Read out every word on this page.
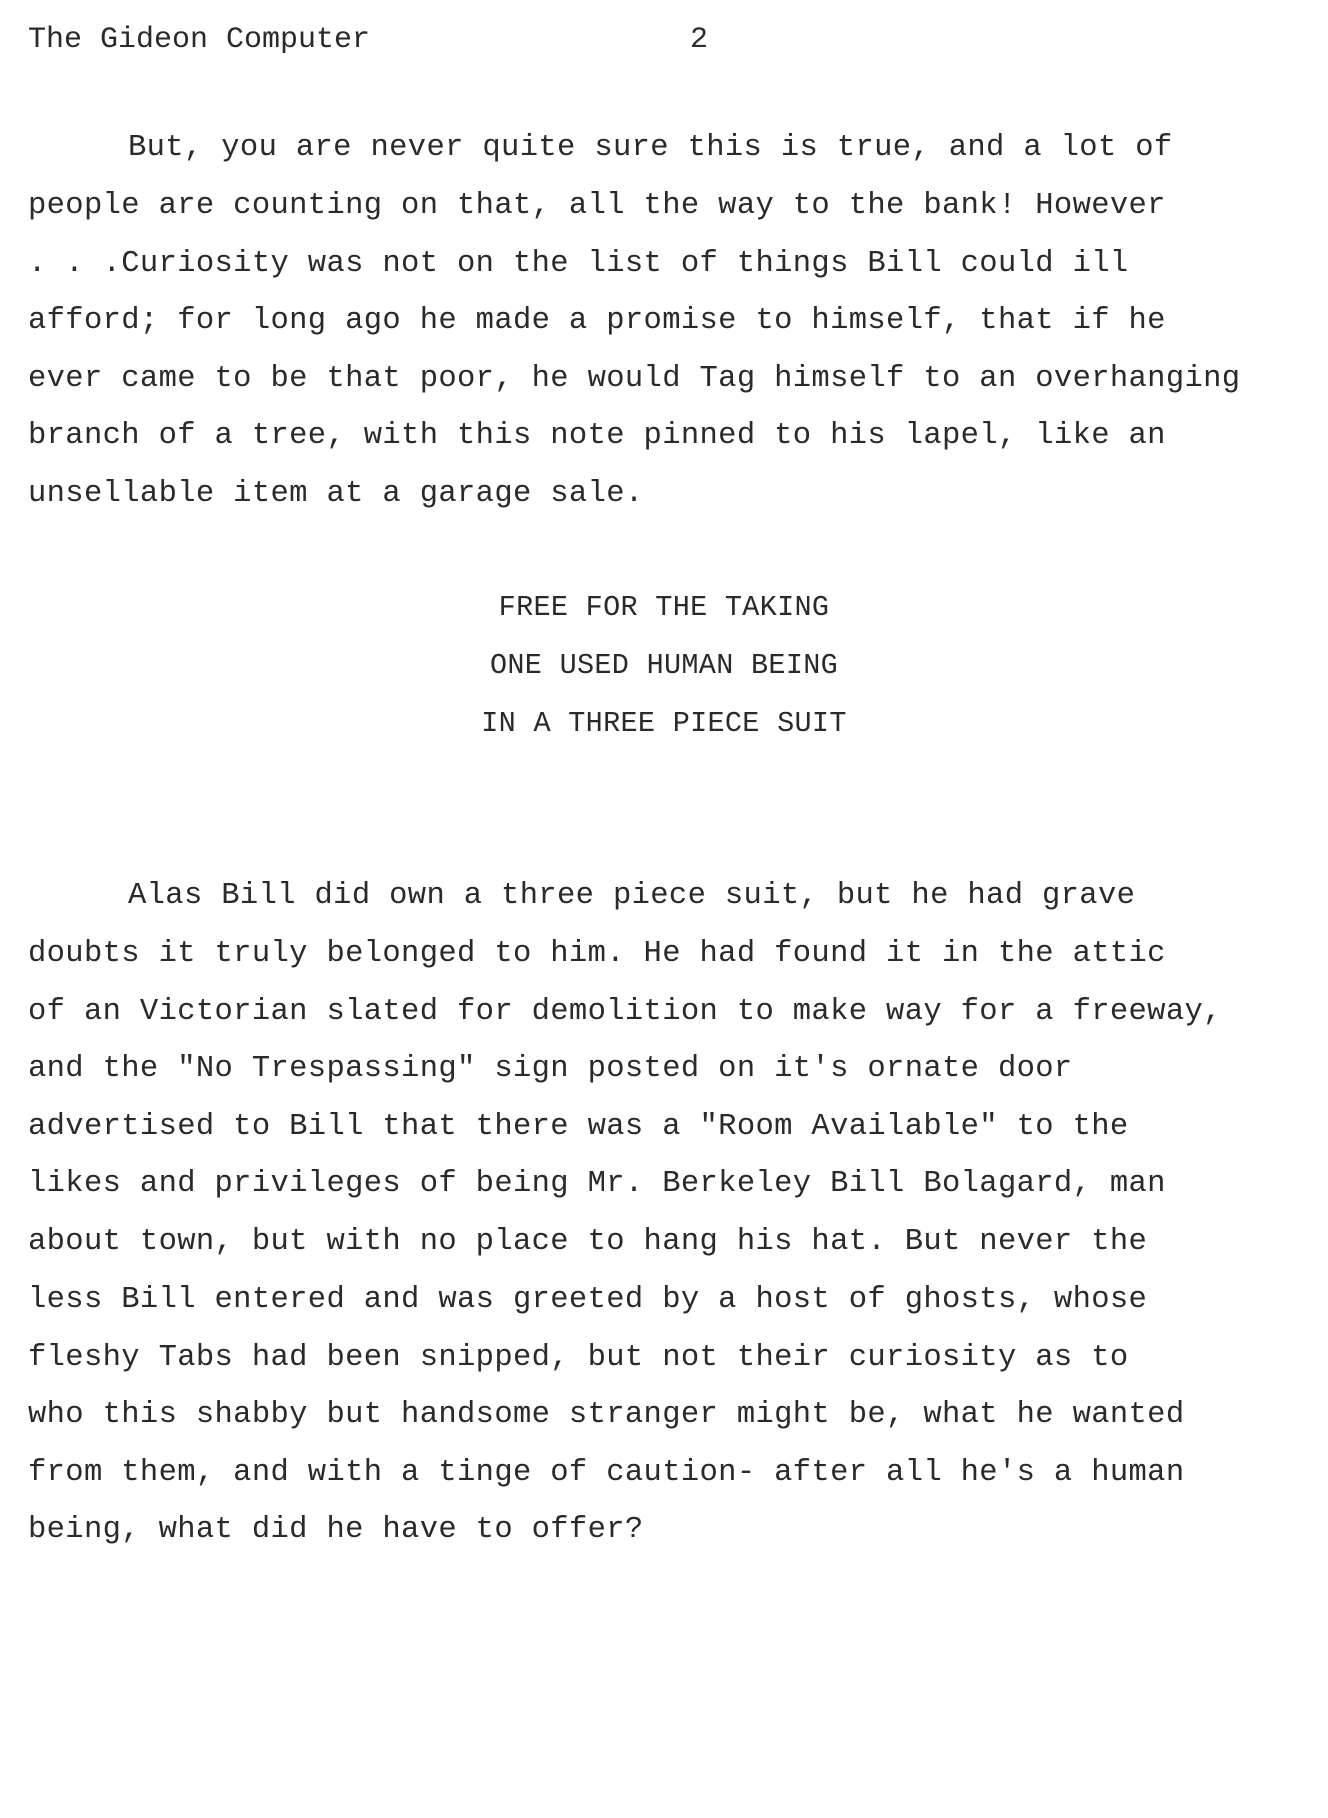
The Gideon Computer	2
But, you are never quite sure this is true, and a lot of
people are counting on that, all the way to the bank! However
. . .Curiosity was not on the list of things Bill could ill
afford; for long ago he made a promise to himself, that if he
ever came to be that poor, he would Tag himself to an overhanging
branch of a tree, with this note pinned to his lapel, like an
unsellable item at a garage sale.
FREE FOR THE TAKING
ONE USED HUMAN BEING
IN A THREE PIECE SUIT
Alas Bill did own a three piece suit, but he had grave
doubts it truly belonged to him. He had found it in the attic
of an Victorian slated for demolition to make way for a freeway,
and the "No Trespassing" sign posted on it's ornate door
advertised to Bill that there was a "Room Available" to the
likes and privileges of being Mr. Berkeley Bill Bolagard, man
about town, but with no place to hang his hat. But never the
less Bill entered and was greeted by a host of ghosts, whose
fleshy Tabs had been snipped, but not their curiosity as to
who this shabby but handsome stranger might be, what he wanted
from them, and with a tinge of caution- after all he's a human
being, what did he have to offer?
